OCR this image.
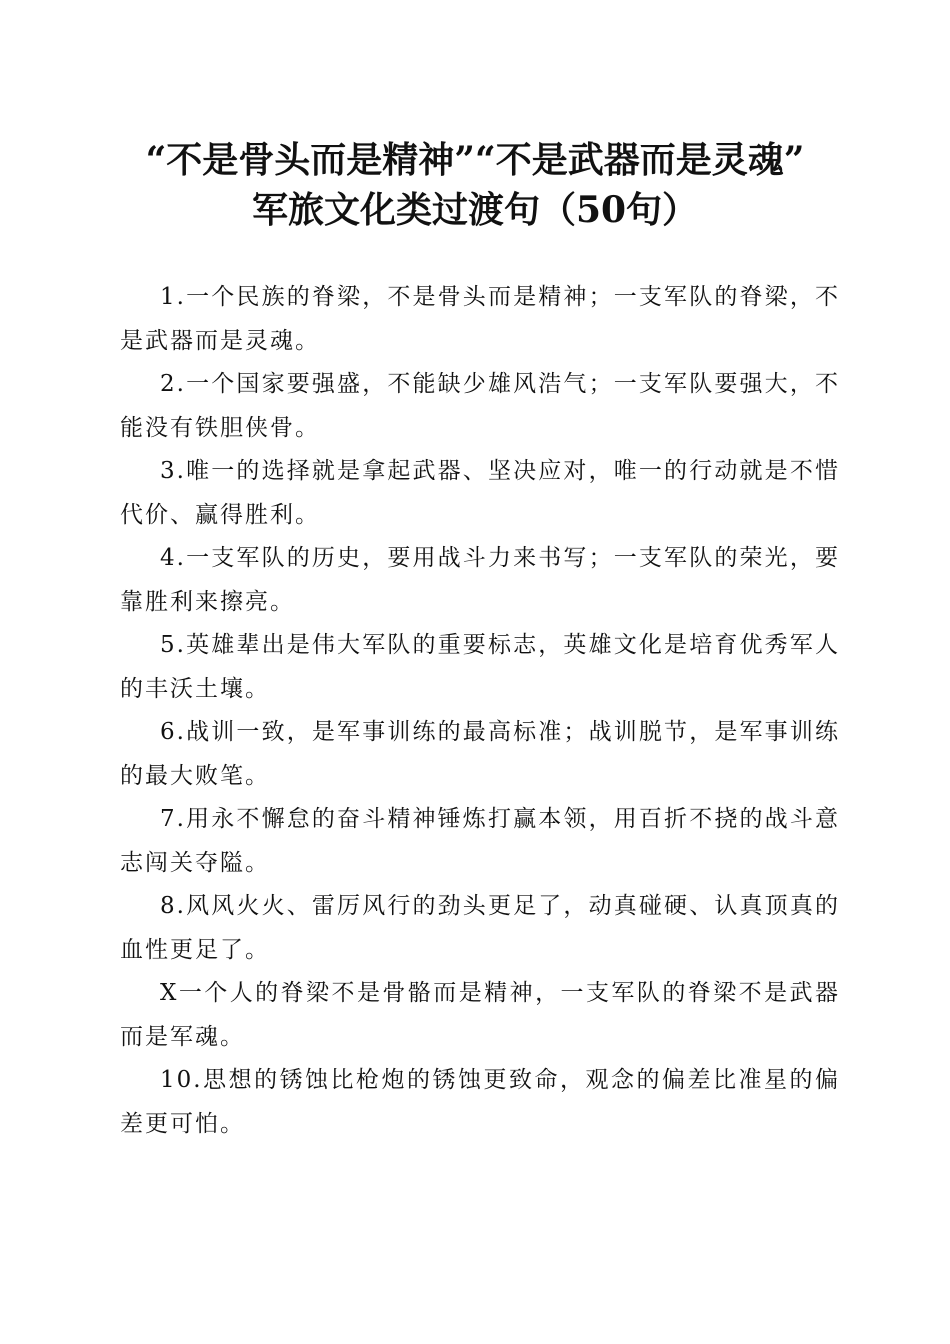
“不是骨头而是精神”“不是武器而是灵魂”
军旅文化类过渡句（50句）

1.一个民族的脊梁，不是骨头而是精神；一支军队的脊梁，不是武器而是灵魂。

2.一个国家要强盛，不能缺少雄风浩气；一支军队要强大，不能没有铁胆侠骨。

3.唯一的选择就是拿起武器、坚决应对，唯一的行动就是不惜代价、赢得胜利。

4.一支军队的历史，要用战斗力来书写；一支军队的荣光，要靠胜利来擦亮。

5.英雄辈出是伟大军队的重要标志，英雄文化是培育优秀军人的丰沃土壤。

6.战训一致，是军事训练的最高标准；战训脱节，是军事训练的最大败笔。

7.用永不懈怠的奋斗精神锤炼打赢本领，用百折不挠的战斗意志闯关夺隘。

8.风风火火、雷厉风行的劲头更足了，动真碰硬、认真顶真的血性更足了。

X一个人的脊梁不是骨骼而是精神，一支军队的脊梁不是武器而是军魂。

10.思想的锈蚀比枪炮的锈蚀更致命，观念的偏差比准星的偏差更可怕。
